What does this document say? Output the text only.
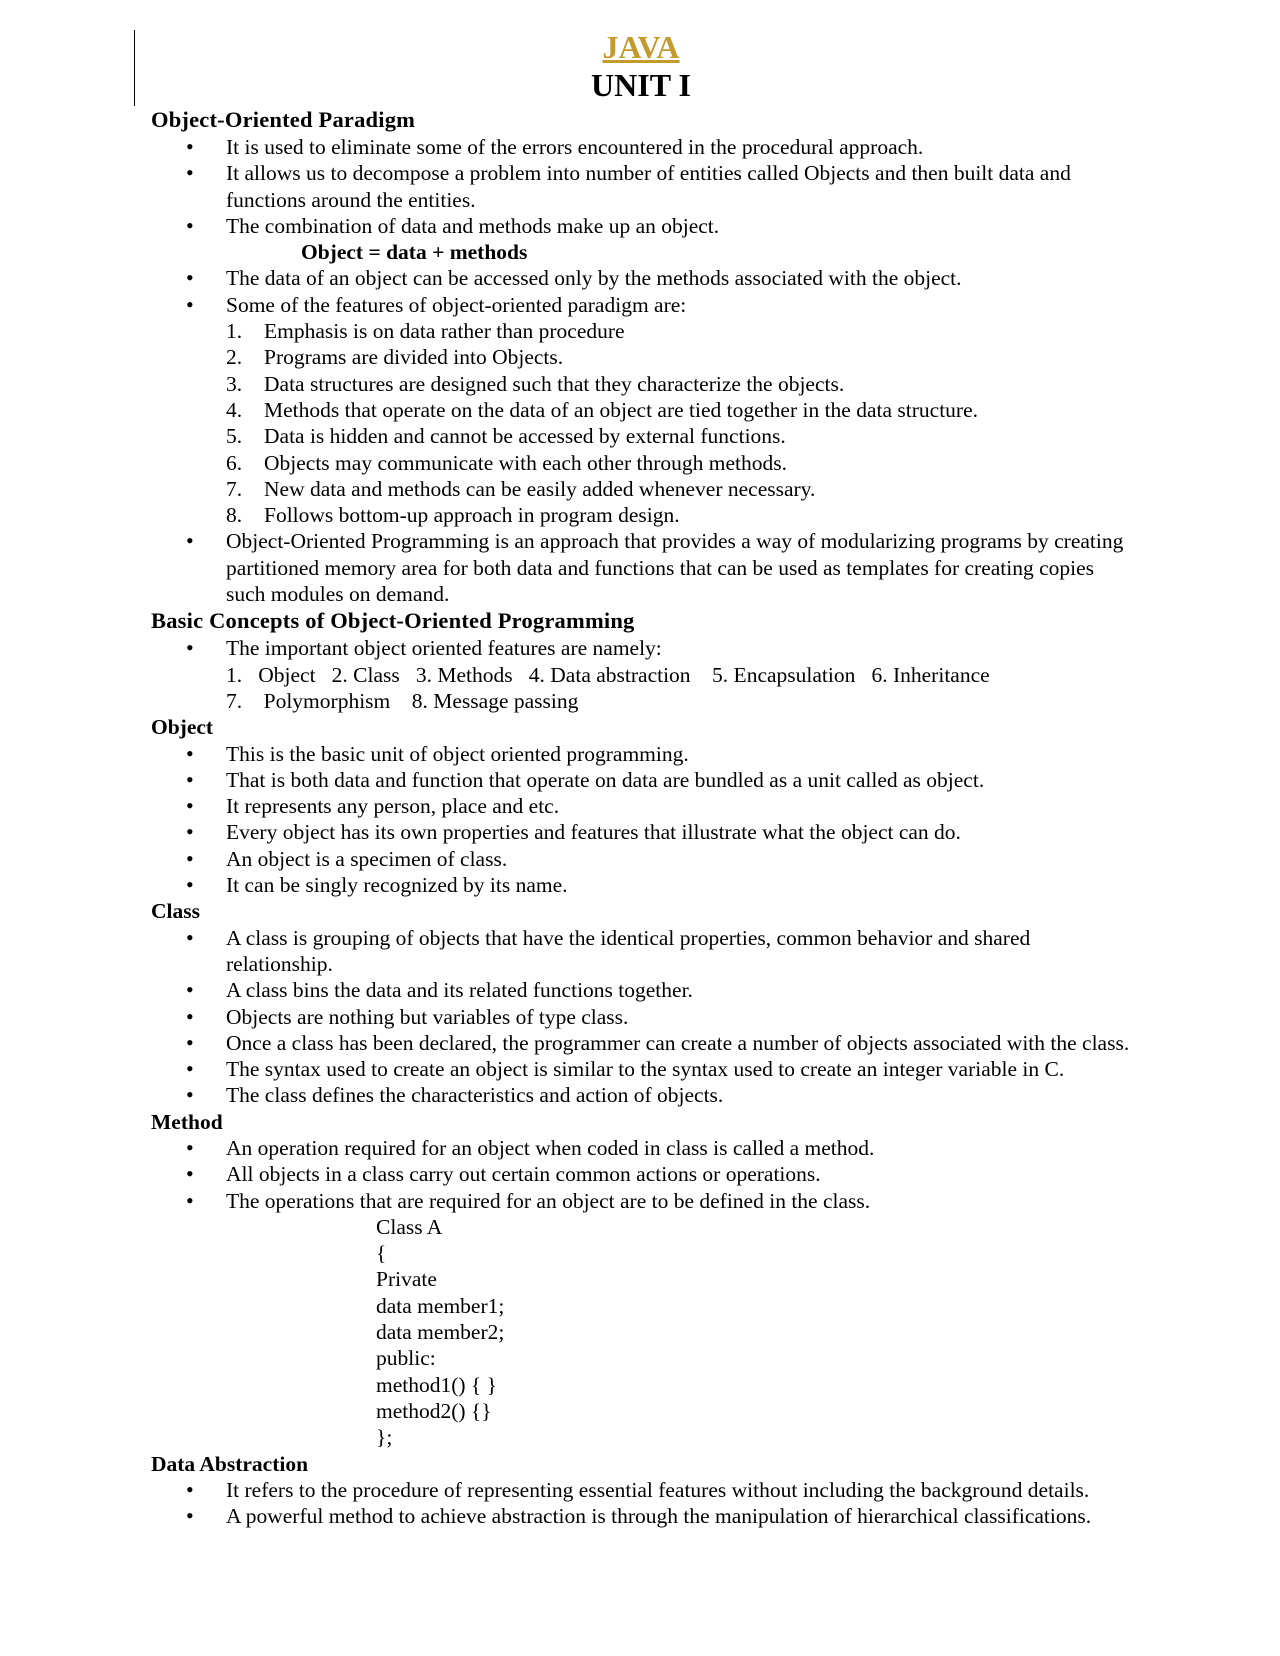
JAVA
UNIT I
Object-Oriented Paradigm
• It is used to eliminate some of the errors encountered in the procedural approach.
• It allows us to decompose a problem into number of entities called Objects and then built data and functions around the entities.
• The combination of data and methods make up an object.
Object = data + methods
• The data of an object can be accessed only by the methods associated with the object.
• Some of the features of object-oriented paradigm are:
1. Emphasis is on data rather than procedure
2. Programs are divided into Objects.
3. Data structures are designed such that they characterize the objects.
4. Methods that operate on the data of an object are tied together in the data structure.
5. Data is hidden and cannot be accessed by external functions.
6. Objects may communicate with each other through methods.
7. New data and methods can be easily added whenever necessary.
8. Follows bottom-up approach in program design.
• Object-Oriented Programming is an approach that provides a way of modularizing programs by creating partitioned memory area for both data and functions that can be used as templates for creating copies such modules on demand.
Basic Concepts of Object-Oriented Programming
• The important object oriented features are namely:
1.   Object   2. Class   3. Methods   4. Data abstraction    5. Encapsulation   6. Inheritance
7.    Polymorphism    8. Message passing
Object
• This is the basic unit of object oriented programming.
• That is both data and function that operate on data are bundled as a unit called as object.
• It represents any person, place and etc.
• Every object has its own properties and features that illustrate what the object can do.
• An object is a specimen of class.
• It can be singly recognized by its name.
Class
• A class is grouping of objects that have the identical properties, common behavior and shared relationship.
• A class bins the data and its related functions together.
• Objects are nothing but variables of type class.
• Once a class has been declared, the programmer can create a number of objects associated with the class.
• The syntax used to create an object is similar to the syntax used to create an integer variable in C.
• The class defines the characteristics and action of objects.
Method
• An operation required for an object when coded in class is called a method.
• All objects in a class carry out certain common actions or operations.
• The operations that are required for an object are to be defined in the class.
Class A
{
Private
data member1;
data member2;
public:
method1() { }
method2() {}
};
Data Abstraction
• It refers to the procedure of representing essential features without including the background details.
• A powerful method to achieve abstraction is through the manipulation of hierarchical classifications.
